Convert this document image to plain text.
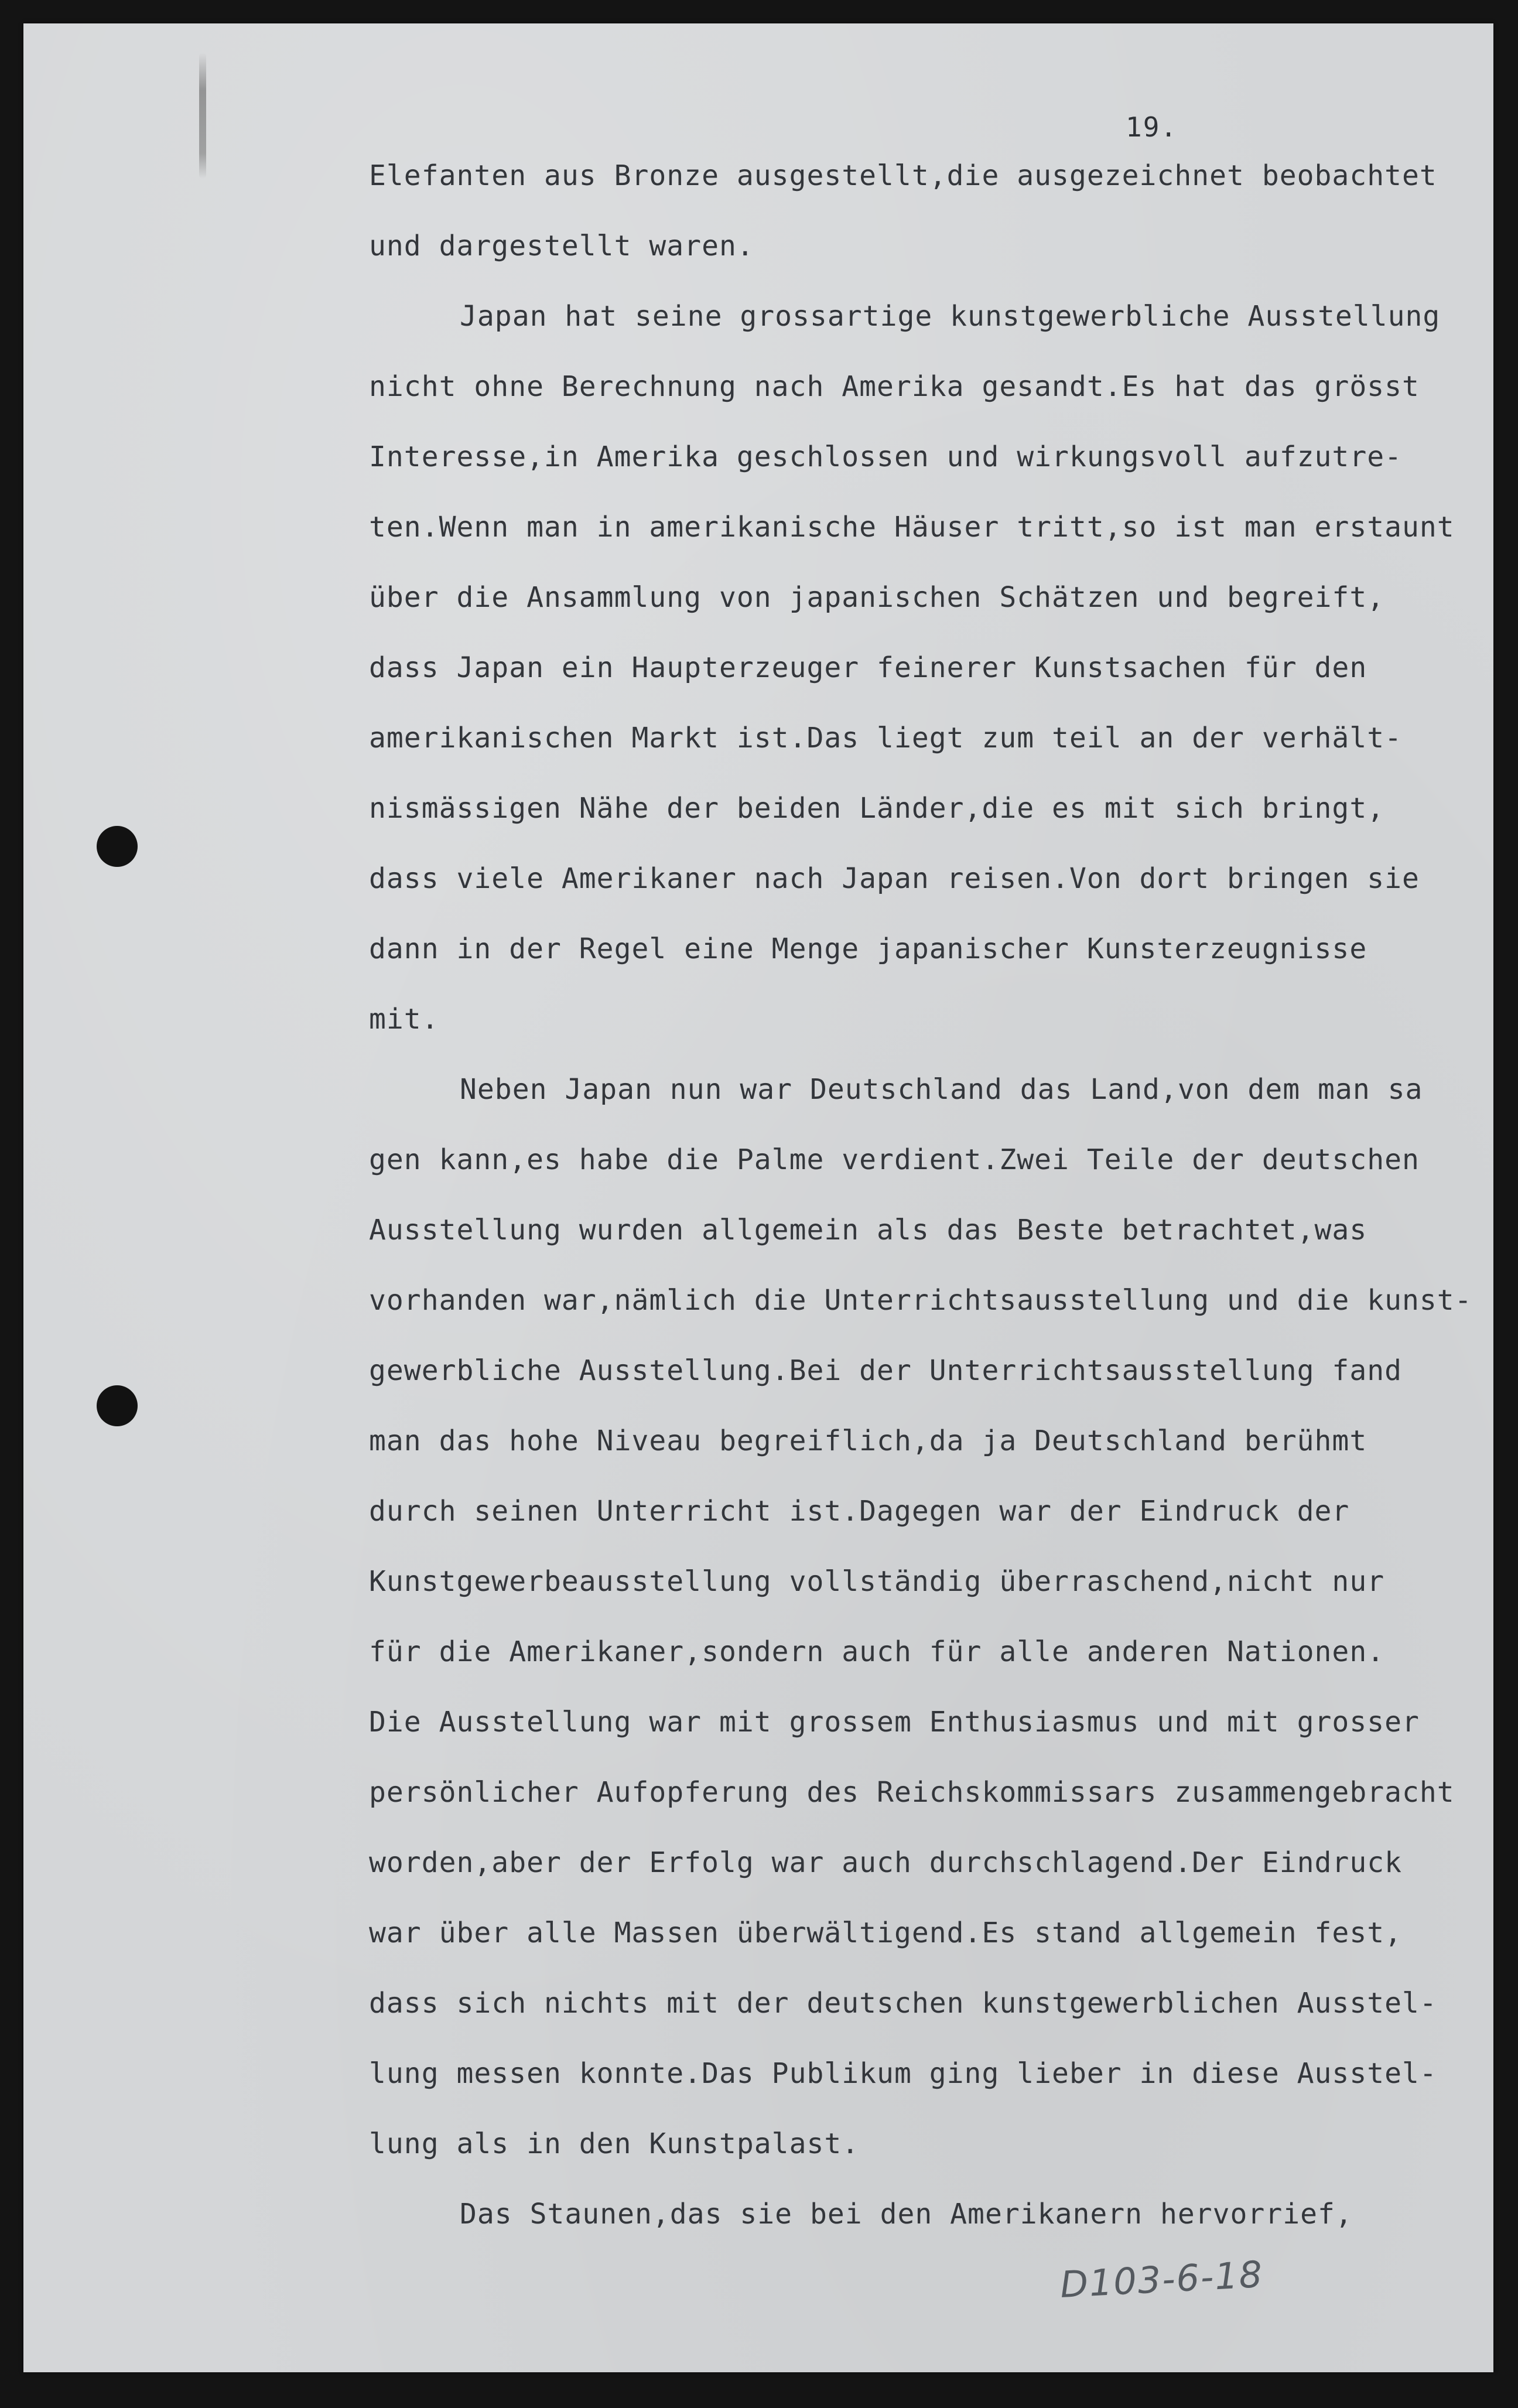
19.
Elefanten aus Bronze ausgestellt,die ausgezeichnet beobachtet
und dargestellt waren.
Japan hat seine grossartige kunstgewerbliche Ausstellung
nicht ohne Berechnung nach Amerika gesandt.Es hat das grösst
Interesse,in Amerika geschlossen und wirkungsvoll aufzutre-
ten.Wenn man in amerikanische Häuser tritt,so ist man erstaunt
über die Ansammlung von japanischen Schätzen und begreift,
dass Japan ein Haupterzeuger feinerer Kunstsachen für den
amerikanischen Markt ist.Das liegt zum teil an der verhält-
nismässigen Nähe der beiden Länder,die es mit sich bringt,
dass viele Amerikaner nach Japan reisen.Von dort bringen sie
dann in der Regel eine Menge japanischer Kunsterzeugnisse
mit.
Neben Japan nun war Deutschland das Land,von dem man sa
gen kann,es habe die Palme verdient.Zwei Teile der deutschen
Ausstellung wurden allgemein als das Beste betrachtet,was
vorhanden war,nämlich die Unterrichtsausstellung und die kunst-
gewerbliche Ausstellung.Bei der Unterrichtsausstellung fand
man das hohe Niveau begreiflich,da ja Deutschland berühmt
durch seinen Unterricht ist.Dagegen war der Eindruck der
Kunstgewerbeausstellung vollständig überraschend,nicht nur
für die Amerikaner,sondern auch für alle anderen Nationen.
Die Ausstellung war mit grossem Enthusiasmus und mit grosser
persönlicher Aufopferung des Reichskommissars zusammengebracht
worden,aber der Erfolg war auch durchschlagend.Der Eindruck
war über alle Massen überwältigend.Es stand allgemein fest,
dass sich nichts mit der deutschen kunstgewerblichen Ausstel-
lung messen konnte.Das Publikum ging lieber in diese Ausstel-
lung als in den Kunstpalast.
Das Staunen,das sie bei den Amerikanern hervorrief,
D103-6-18
